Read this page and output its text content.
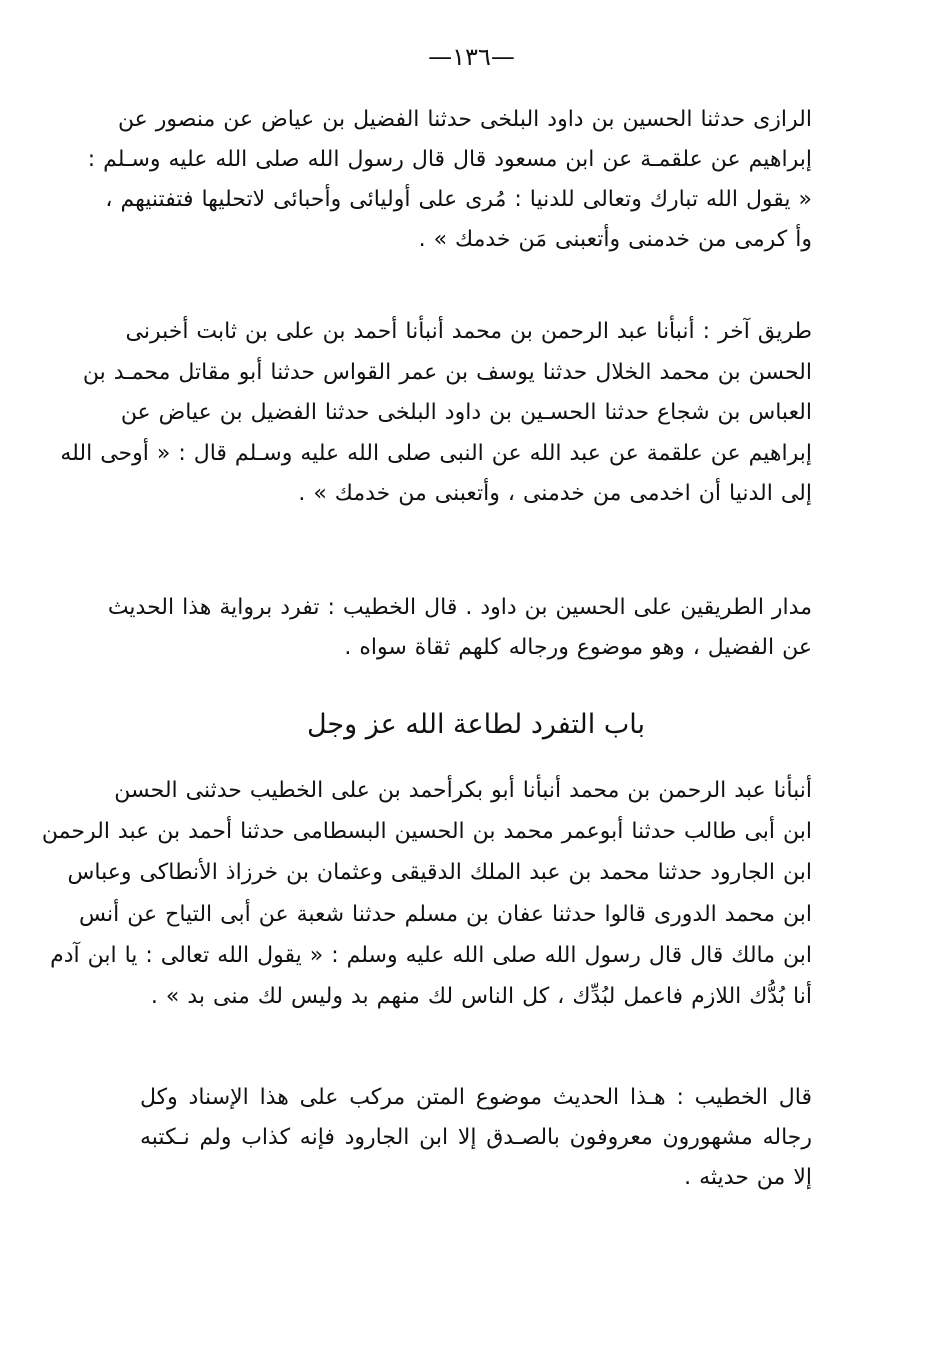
—١٣٦—
الرازى حدثنا الحسين بن داود البلخى حدثنا الفضيل بن عياض عن منصور عن
إبراهيم عن علقمـة عن ابن مسعود قال قال رسول الله صلى الله عليه وسـلم :
« يقول الله تبارك وتعالى للدنيا : مُرى على أوليائى وأحبائى لاتحليها فتفتنيهم ،
وأ كرمى من خدمنى وأتعبنى مَن خدمك » .
طريق آخر : أنبأنا عبد الرحمن بن محمد أنبأنا أحمد بن على بن ثابت أخبرنى
الحسن بن محمد الخلال حدثنا يوسف بن عمر القواس حدثنا أبو مقاتل محمـد بن
العباس بن شجاع حدثنا الحسـين بن داود البلخى حدثنا الفضيل بن عياض عن
إبراهيم عن علقمة عن عبد الله عن النبى صلى الله عليه وسـلم قال : « أوحى الله
إلى الدنيا أن اخدمى من خدمنى ، وأتعبنى من خدمك » .
مدار الطريقين على الحسين بن داود . قال الخطيب : تفرد برواية هذا الحديث
عن الفضيل ، وهو موضوع ورجاله كلهم ثقاة سواه .
باب التفرد لطاعة الله عز وجل
أنبأنا عبد الرحمن بن محمد أنبأنا أبو بكرأحمد بن على الخطيب حدثنى الحسن
ابن أبى طالب حدثنا أبوعمر محمد بن الحسين البسطامى حدثنا أحمد بن عبد الرحمن
ابن الجارود حدثنا محمد بن عبد الملك الدقيقى وعثمان بن خرزاذ الأنطاكى وعباس
ابن محمد الدورى قالوا حدثنا عفان بن مسلم حدثنا شعبة عن أبى التياح عن أنس
ابن مالك قال قال رسول الله صلى الله عليه وسلم : « يقول الله تعالى : يا ابن آدم
أنا بُدُّك اللازم فاعمل لبُدِّك ، كل الناس لك منهم بد وليس لك منى بد » .
قال الخطيب : هـذا الحديث موضوع المتن مركب على هذا الإسناد وكل
رجاله مشهورون معروفون بالصـدق إلا ابن الجارود فإنه كذاب ولم نـكتبه
إلا من حديثه .
